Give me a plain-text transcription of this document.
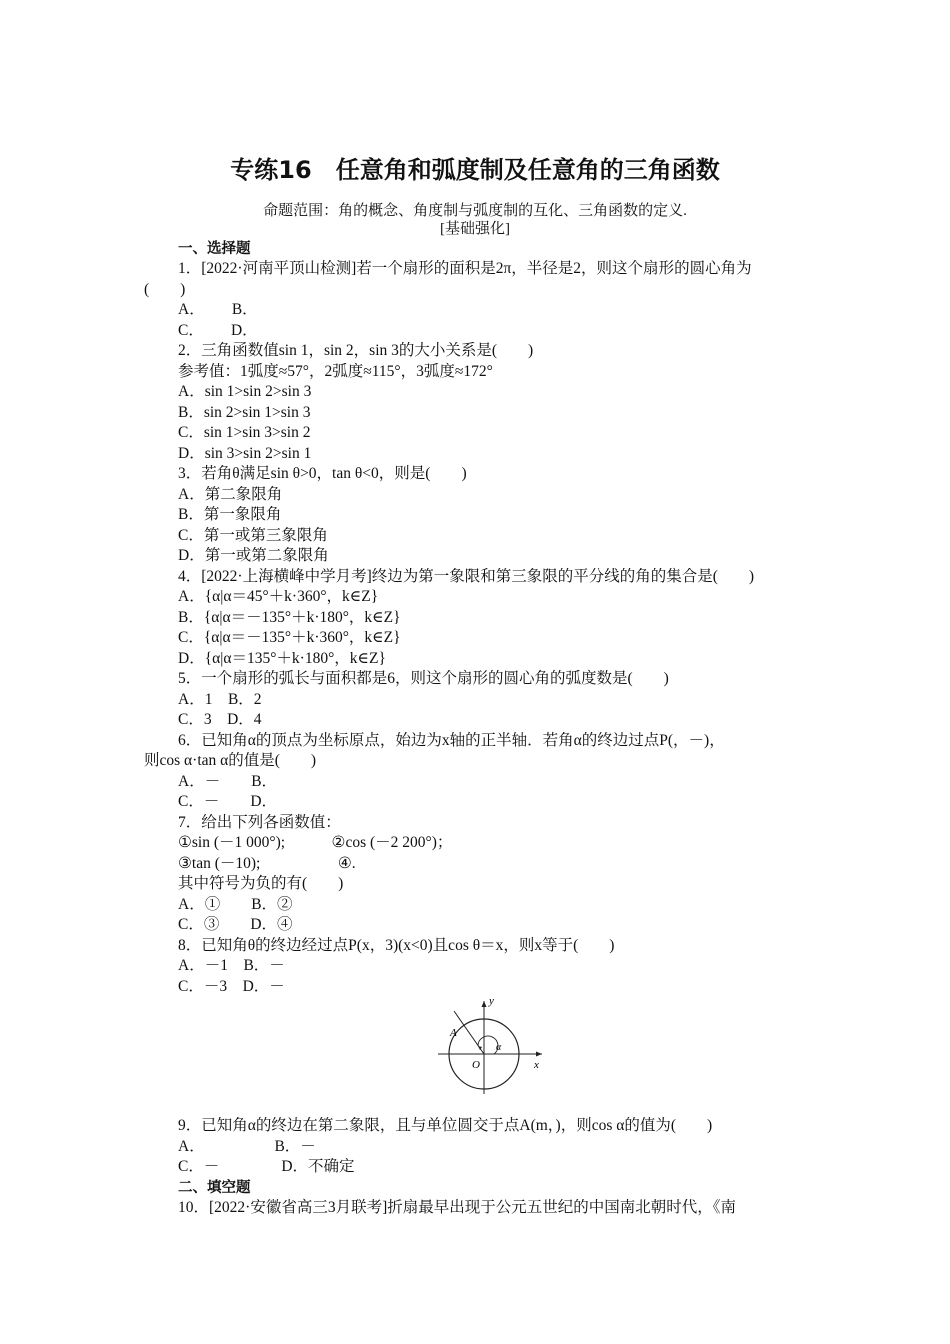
专练16　任意角和弧度制及任意角的三角函数
命题范围：角的概念、角度制与弧度制的互化、三角函数的定义.
[基础强化]
一、选择题
1．[2022·河南平顶山检测]若一个扇形的面积是2π，半径是2，则这个扇形的圆心角为
(　　)
A．　　 B．
C．　　 D．
2．三角函数值sin 1，sin 2，sin 3的大小关系是(　　)
参考值：1弧度≈57°，2弧度≈115°，3弧度≈172°
A．sin 1>sin 2>sin 3
B．sin 2>sin 1>sin 3
C．sin 1>sin 3>sin 2
D．sin 3>sin 2>sin 1
3．若角θ满足sin θ>0，tan θ<0，则是(　　)
A．第二象限角
B．第一象限角
C．第一或第三象限角
D．第一或第二象限角
4．[2022·上海横峰中学月考]终边为第一象限和第三象限的平分线的角的集合是(　　)
A．{α|α＝45°＋k·360°，k∈Z}
B．{α|α＝－135°＋k·180°，k∈Z}
C．{α|α＝－135°＋k·360°，k∈Z}
D．{α|α＝135°＋k·180°，k∈Z}
5．一个扇形的弧长与面积都是6，则这个扇形的圆心角的弧度数是(　　)
A．1　B．2
C．3　D．4
6．已知角α的顶点为坐标原点，始边为x轴的正半轴．若角α的终边过点P(，－)，
则cos α·tan α的值是(　　)
A．－　　B．
C．－　　D．
7．给出下列各函数值：
①sin (－1 000°);　　　②cos (－2 200°)；
③tan (－10);　　　　　④.
其中符号为负的有(　　)
A．①　　B．②
C．③　　D．④
8．已知角θ的终边经过点P(x，3)(x<0)且cos θ＝x，则x等于(　　)
A．－1　B．－
C．－3　D．－
y
x
O
A
α
9．已知角α的终边在第二象限，且与单位圆交于点A(m，)，则cos α的值为(　　)
A．　　　　　B．－
C．－　　　　D．不确定
二、填空题
10．[2022·安徽省高三3月联考]折扇最早出现于公元五世纪的中国南北朝时代，《南
